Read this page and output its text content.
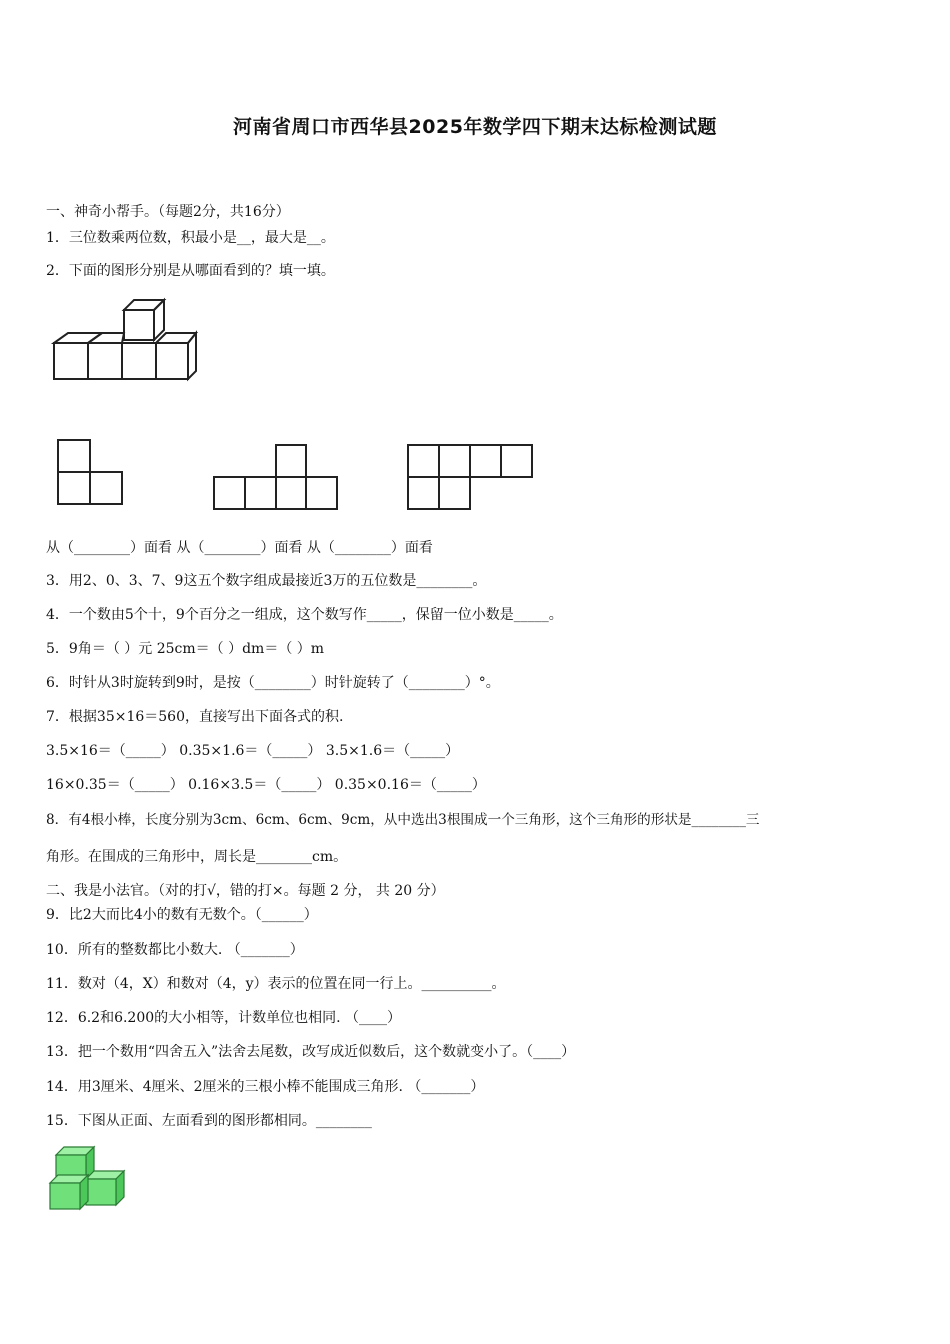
河南省周口市西华县2025年数学四下期末达标检测试题
一、神奇小帮手。（每题2分，共16分）
1．三位数乘两位数，积最小是__，最大是__。
2．下面的图形分别是从哪面看到的？填一填。
从（________）面看 从（________）面看 从（________）面看
3．用2、0、3、7、9这五个数字组成最接近3万的五位数是________。
4．一个数由5个十，9个百分之一组成，这个数写作_____，保留一位小数是_____。
5．9角＝（ ）元 25cm＝（ ）dm＝（ ）m
6．时针从3时旋转到9时，是按（________）时针旋转了（________）°。
7．根据35×16＝560，直接写出下面各式的积.
3.5×16＝（_____） 0.35×1.6＝（_____） 3.5×1.6＝（_____）
16×0.35＝（_____） 0.16×3.5＝（_____） 0.35×0.16＝（_____）
8．有4根小棒，长度分别为3cm、6cm、6cm、9cm，从中选出3根围成一个三角形，这个三角形的形状是________三
角形。在围成的三角形中，周长是________cm。
二、我是小法官。（对的打√，错的打×。每题 2 分， 共 20 分）
9．比2大而比4小的数有无数个。（______）
10．所有的整数都比小数大. （_______）
11．数对（4，X）和数对（4，y）表示的位置在同一行上。__________。
12．6.2和6.200的大小相等，计数单位也相同. （____）
13．把一个数用“四舍五入”法舍去尾数，改写成近似数后，这个数就变小了。（____）
14．用3厘米、4厘米、2厘米的三根小棒不能围成三角形. （_______）
15．下图从正面、左面看到的图形都相同。________
